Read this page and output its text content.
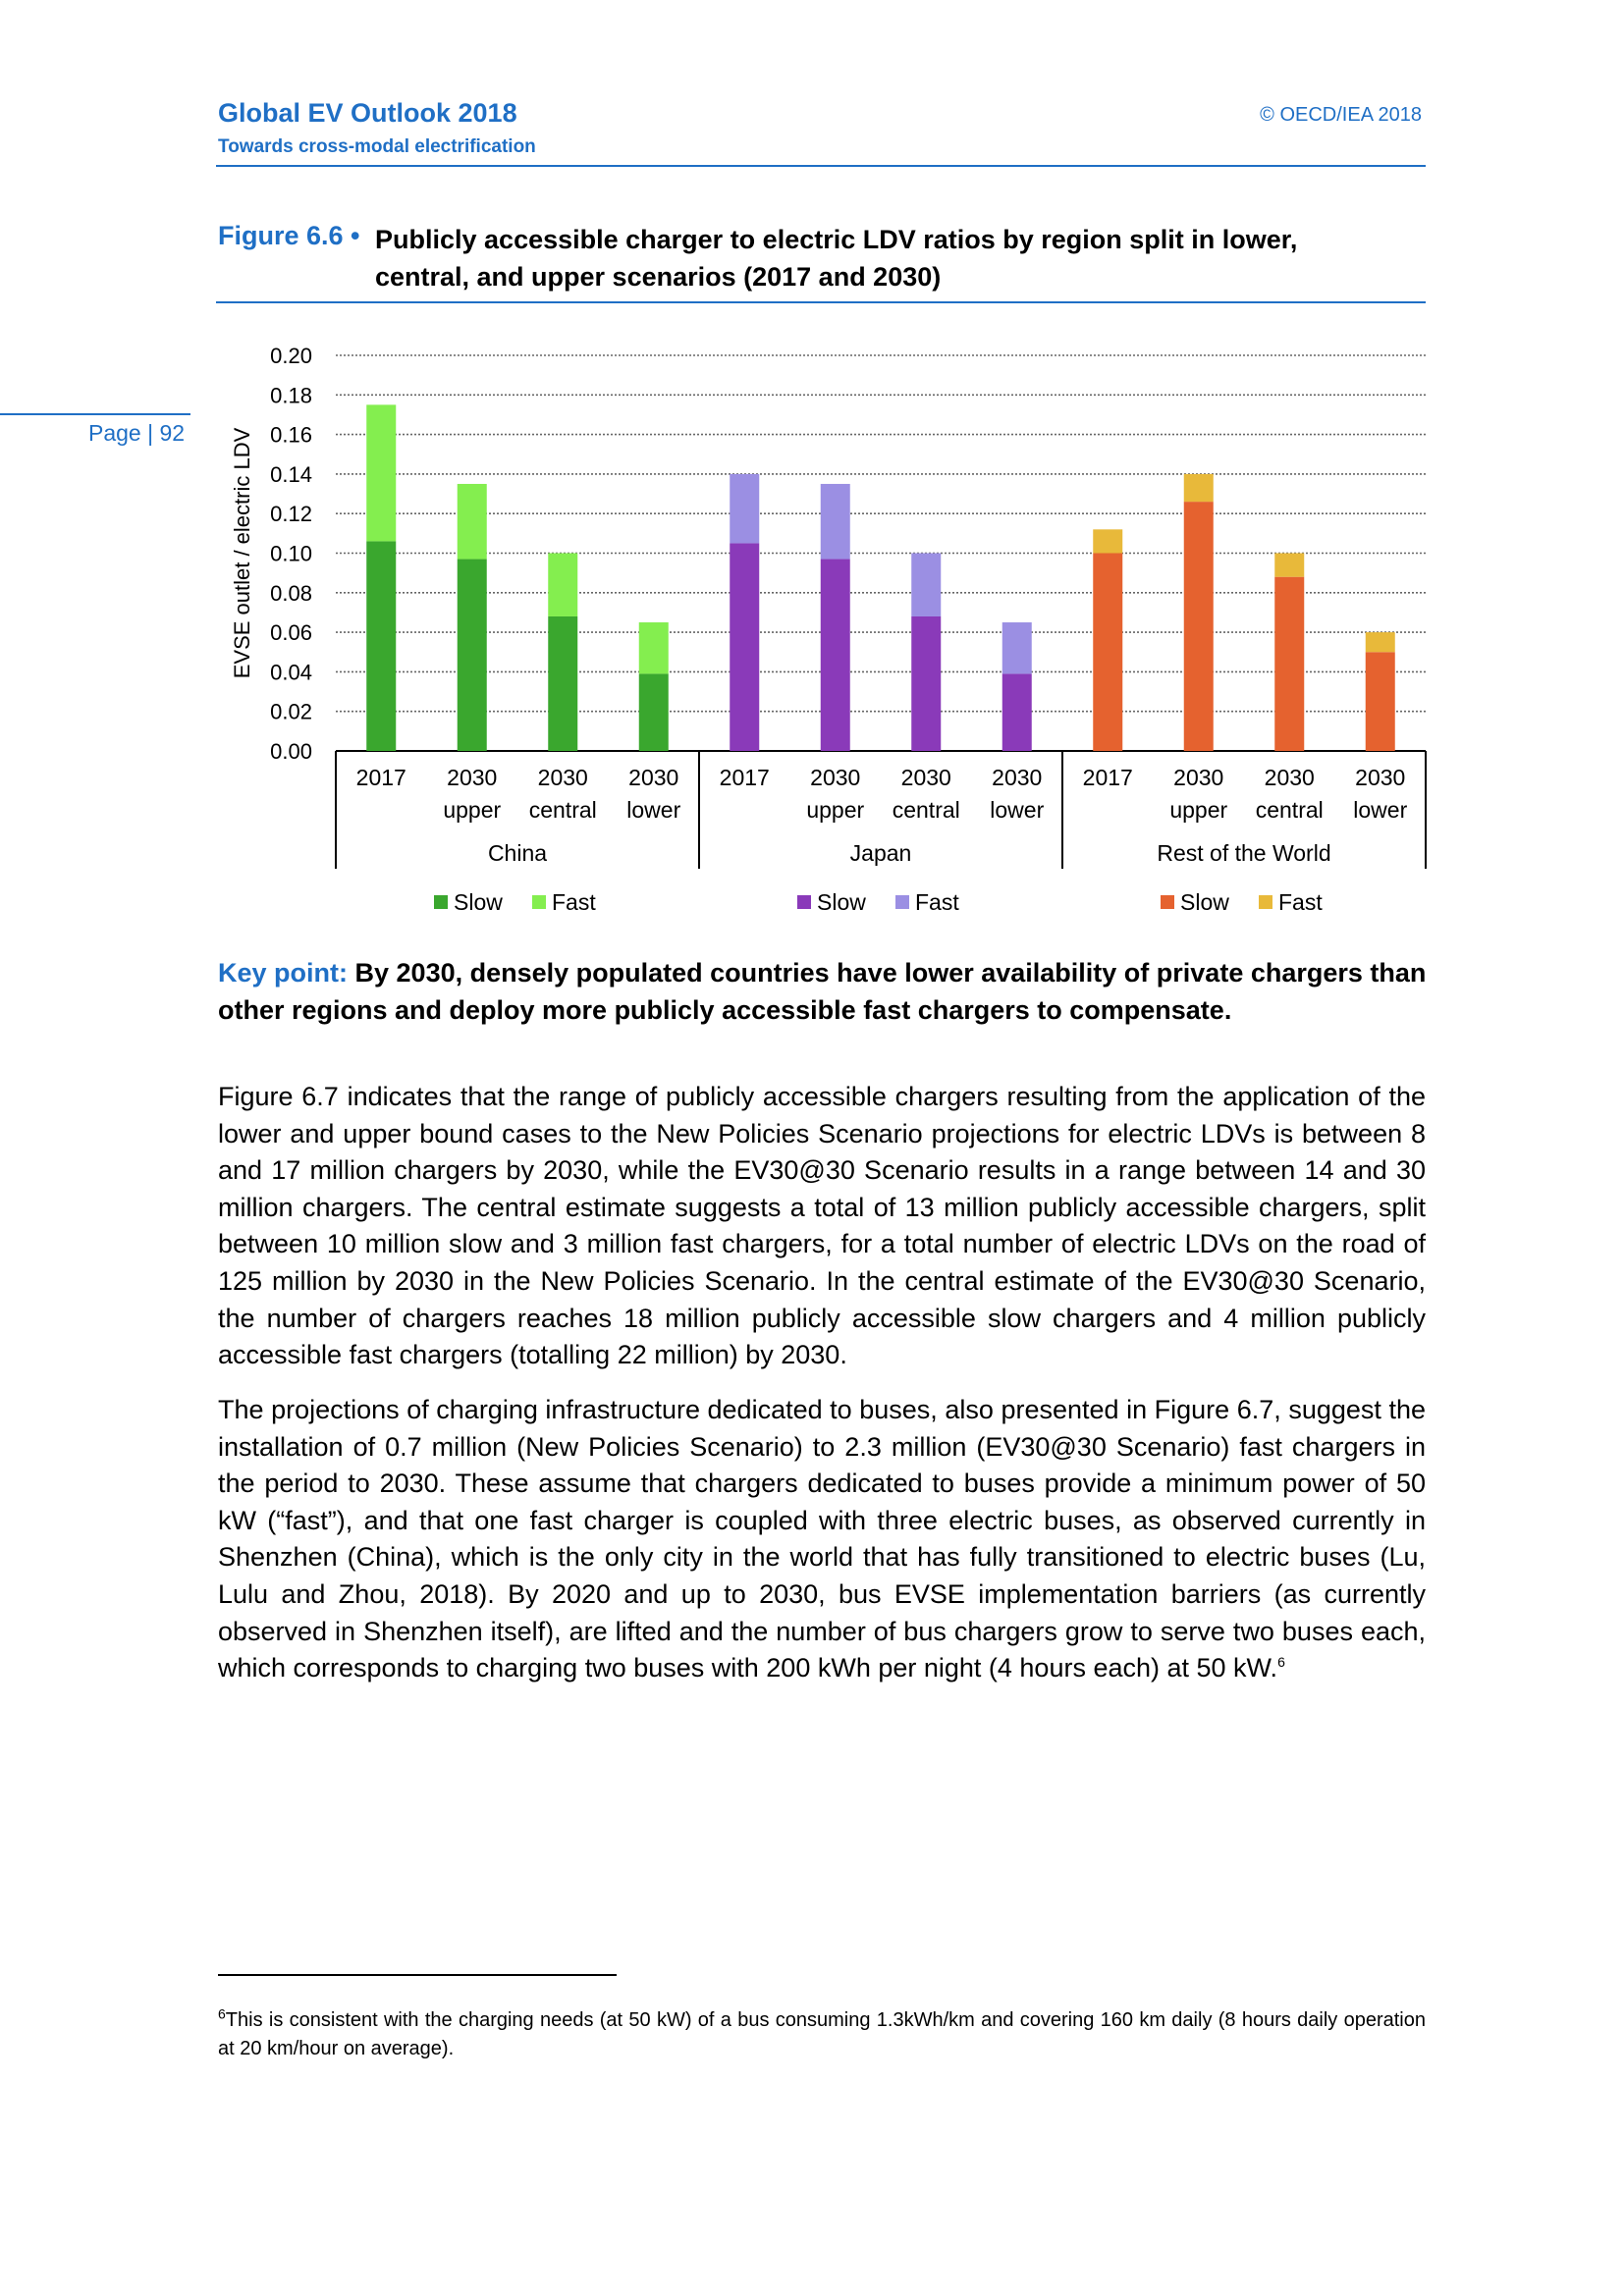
Global EV Outlook 2018
Towards cross-modal electrification
© OECD/IEA 2018
Page | 92
Figure 6.6 • Publicly accessible charger to electric LDV ratios by region split in lower, central, and upper scenarios (2017 and 2030)
0.00
0.02
0.04
0.06
0.08
0.10
0.12
0.14
0.16
0.18
0.20
EVSE outlet / electric LDV
2017 2030
upper
2030
central
2030
lower
China
Slow Fast
2017 2030
upper
2030
central
2030
lower
Japan
Slow Fast
2017 2030
upper
2030
central
2030
lower
Rest of the World
Slow Fast
Key point: By 2030, densely populated countries have lower availability of private chargers than other regions and deploy more publicly accessible fast chargers to compensate.
Figure 6.7 indicates that the range of publicly accessible chargers resulting from the application of the lower and upper bound cases to the New Policies Scenario projections for electric LDVs is between 8 and 17 million chargers by 2030, while the EV30@30 Scenario results in a range between 14 and 30 million chargers. The central estimate suggests a total of 13 million publicly accessible chargers, split between 10 million slow and 3 million fast chargers, for a total number of electric LDVs on the road of 125 million by 2030 in the New Policies Scenario. In the central estimate of the EV30@30 Scenario, the number of chargers reaches 18 million publicly accessible slow chargers and 4 million publicly accessible fast chargers (totalling 22 million) by 2030.
The projections of charging infrastructure dedicated to buses, also presented in Figure 6.7, suggest the installation of 0.7 million (New Policies Scenario) to 2.3 million (EV30@30 Scenario) fast chargers in the period to 2030. These assume that chargers dedicated to buses provide a minimum power of 50 kW (“fast”), and that one fast charger is coupled with three electric buses, as observed currently in Shenzhen (China), which is the only city in the world that has fully transitioned to electric buses (Lu, Lulu and Zhou, 2018). By 2020 and up to 2030, bus EVSE implementation barriers (as currently observed in Shenzhen itself), are lifted and the number of bus chargers grow to serve two buses each, which corresponds to charging two buses with 200 kWh per night (4 hours each) at 50 kW.$^6$
$^6$This is consistent with the charging needs (at 50 kW) of a bus consuming 1.3kWh/km and covering 160 km daily (8 hours daily operation at 20 km/hour on average).
